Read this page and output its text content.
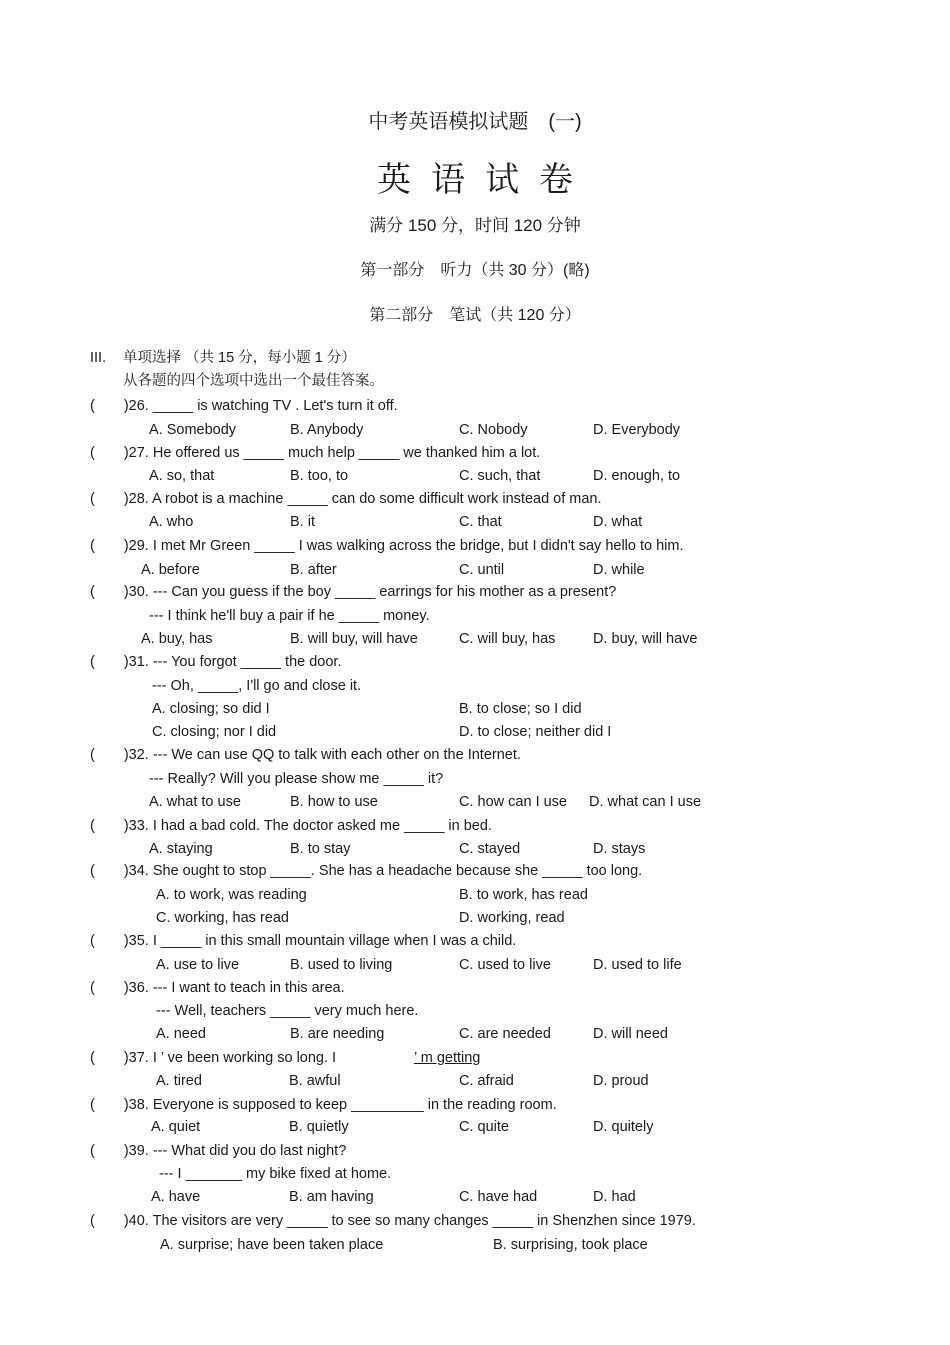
中考英语模拟试题　(一)
英语试卷
满分 150 分，时间 120 分钟
第一部分　听力（共 30 分）(略)
第二部分　笔试（共 120 分）
III. 单项选择 （共 15 分，每小题 1 分）
从各题的四个选项中选出一个最佳答案。
(　　)26. _____ is watching TV . Let's turn it off.
A. Somebody	B. Anybody	C. Nobody	D. Everybody
(　　)27. He offered us _____ much help _____ we thanked him a lot.
A. so, that	B. too, to	C. such, that	D. enough, to
(　　)28. A robot is a machine _____ can do some difficult work instead of man.
A. who	B. it	C. that	D. what
(　　)29. I met Mr Green _____ I was walking across the bridge, but I didn't say hello to him.
A. before	B. after	C. until	D. while
(　　)30. --- Can you guess if the boy _____ earrings for his mother as a present?
--- I think he'll buy a pair if he _____ money.
A. buy, has	B. will buy, will have	C. will buy, has	D. buy, will have
(　　)31. --- You forgot _____ the door.
--- Oh, _____, I'll go and close it.
A. closing; so did I	B. to close; so I did
C. closing; nor I did	D. to close; neither did I
(　　)32. --- We can use QQ to talk with each other on the Internet.
--- Really? Will you please show me _____ it?
A. what to use	B. how to use	C. how can I use D. what can I use
(　　)33. I had a bad cold. The doctor asked me _____ in bed.
A. staying	B. to stay	C. stayed	D. stays
(　　)34. She ought to stop _____. She has a headache because she _____ too long.
A. to work, was reading	B. to work, has read
C. working, has read	D. working, read
(　　)35. I _____ in this small mountain village when I was a child.
A. use to live	B. used to living	C. used to live	D. used to life
(　　)36. --- I want to teach in this area.
--- Well, teachers _____ very much here.
A. need	B. are needing	C. are needed	D. will need
(　　)37. I ’ ve been working so long. I	’ m getting
A. tired	B. awful	C. afraid	D. proud
(　　)38. Everyone is supposed to keep _________ in the reading room.
A. quiet	B. quietly	C. quite	D. quitely
(　　)39. --- What did you do last night?
--- I _______ my bike fixed at home.
A. have	B. am having	C. have had	D. had
(　　)40. The visitors are very _____ to see so many changes _____ in Shenzhen since 1979.
A. surprise; have been taken place	B. surprising, took place
